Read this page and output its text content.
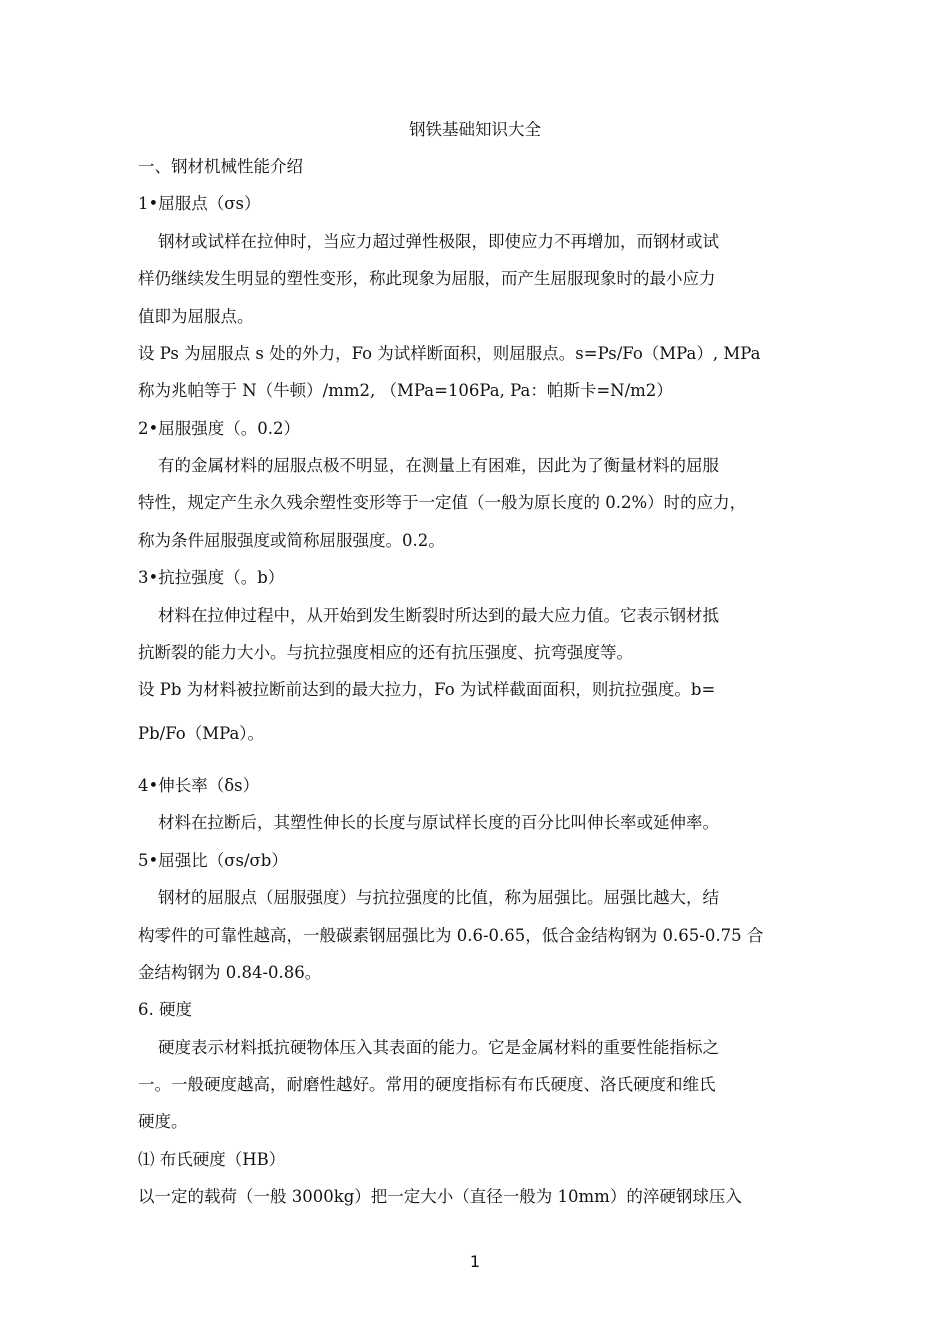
钢铁基础知识大全
一、钢材机械性能介绍
1•屈服点（σs）
钢材或试样在拉伸时，当应力超过弹性极限，即使应力不再增加，而钢材或试
样仍继续发生明显的塑性变形，称此现象为屈服，而产生屈服现象时的最小应力
值即为屈服点。
设 Ps 为屈服点 s 处的外力，Fo 为试样断面积，则屈服点。s=Ps/Fo（MPa）, MPa
称为兆帕等于 N（牛顿）/mm2, （MPa=106Pa, Pa：帕斯卡=N/m2）
2•屈服强度（。0.2）
有的金属材料的屈服点极不明显，在测量上有困难，因此为了衡量材料的屈服
特性，规定产生永久残余塑性变形等于一定值（一般为原长度的 0.2%）时的应力，
称为条件屈服强度或简称屈服强度。0.2。
3•抗拉强度（。b）
材料在拉伸过程中，从开始到发生断裂时所达到的最大应力值。它表示钢材抵
抗断裂的能力大小。与抗拉强度相应的还有抗压强度、抗弯强度等。
设 Pb 为材料被拉断前达到的最大拉力，Fo 为试样截面面积，则抗拉强度。b=
Pb/Fo（MPa）。
4•伸长率（δs）
材料在拉断后，其塑性伸长的长度与原试样长度的百分比叫伸长率或延伸率。
5•屈强比（σs/σb）
钢材的屈服点（屈服强度）与抗拉强度的比值，称为屈强比。屈强比越大，结
构零件的可靠性越高，一般碳素钢屈强比为 0.6-0.65，低合金结构钢为 0.65-0.75 合
金结构钢为 0.84-0.86。
6. 硬度
硬度表示材料抵抗硬物体压入其表面的能力。它是金属材料的重要性能指标之
一。一般硬度越高，耐磨性越好。常用的硬度指标有布氏硬度、洛氏硬度和维氏
硬度。
⑴ 布氏硬度（HB）
以一定的载荷（一般 3000kg）把一定大小（直径一般为 10mm）的淬硬钢球压入
1
